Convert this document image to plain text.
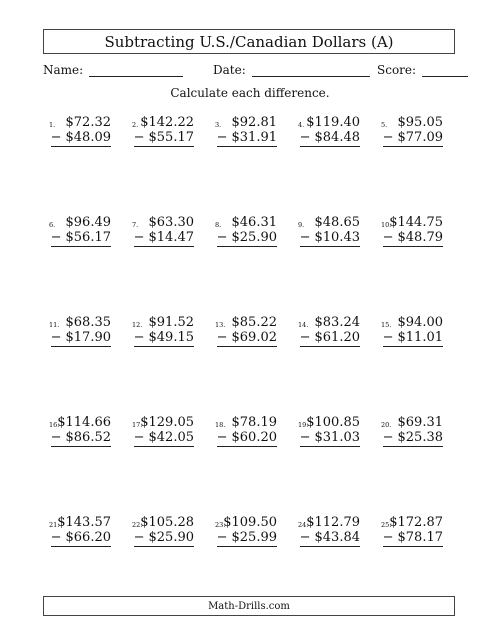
Subtracting U.S./Canadian Dollars (A)
Name:	Date:	Score:
Calculate each difference.
1. $72.32
− $48.09
2. $142.22
− $55.17
3. $92.81
− $31.91
4. $119.40
− $84.48
5. $95.05
− $77.09
6. $96.49
− $56.17
7. $63.30
− $14.47
8. $46.31
− $25.90
9. $48.65
− $10.43
10.
$144.75
− $48.79
11. $68.35
− $17.90
12. $91.52
− $49.15
13. $85.22
− $69.02
14. $83.24
− $61.20
15. $94.00
− $11.01
16.
$114.66
− $86.52
17.
$129.05
− $42.05
18. $78.19
− $60.20
19.
$100.85
− $31.03
20. $69.31
− $25.38
21.
$143.57
− $66.20
22.
$105.28
− $25.90
23.
$109.50
− $25.99
24.
$112.79
− $43.84
25.
$172.87
− $78.17
Math-Drills.com
